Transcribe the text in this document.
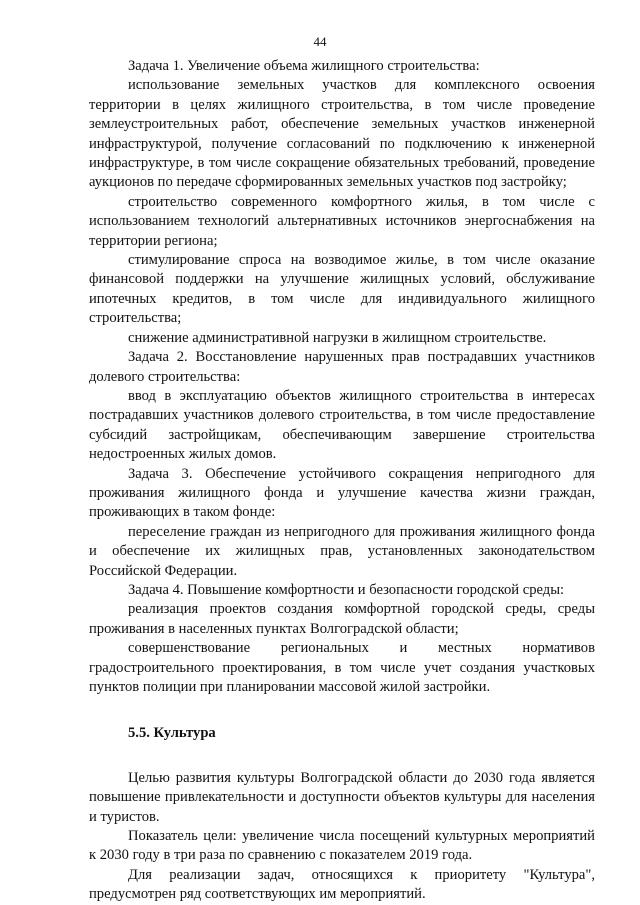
44

Задача 1. Увеличение объема жилищного строительства:

использование земельных участков для комплексного освоения территории в целях жилищного строительства, в том числе проведение землеустроительных работ, обеспечение земельных участков инженерной инфраструктурой, получение согласований по подключению к инженерной инфраструктуре, в том числе сокращение обязательных требований, проведение аукционов по передаче сформированных земельных участков под застройку;

строительство современного комфортного жилья, в том числе с использованием технологий альтернативных источников энергоснабжения на территории региона;

стимулирование спроса на возводимое жилье, в том числе оказание финансовой поддержки на улучшение жилищных условий, обслуживание ипотечных кредитов, в том числе для индивидуального жилищного строительства;

снижение административной нагрузки в жилищном строительстве.

Задача 2. Восстановление нарушенных прав пострадавших участников долевого строительства:

ввод в эксплуатацию объектов жилищного строительства в интересах пострадавших участников долевого строительства, в том числе предоставление субсидий застройщикам, обеспечивающим завершение строительства недостроенных жилых домов.

Задача 3. Обеспечение устойчивого сокращения непригодного для проживания жилищного фонда и улучшение качества жизни граждан, проживающих в таком фонде:

переселение граждан из непригодного для проживания жилищного фонда и обеспечение их жилищных прав, установленных законодательством Российской Федерации.

Задача 4. Повышение комфортности и безопасности городской среды:

реализация проектов создания комфортной городской среды, среды проживания в населенных пунктах Волгоградской области;

совершенствование региональных и местных нормативов градостроительного проектирования, в том числе учет создания участковых пунктов полиции при планировании массовой жилой застройки.

5.5. Культура

Целью развития культуры Волгоградской области до 2030 года является повышение привлекательности и доступности объектов культуры для населения и туристов.

Показатель цели: увеличение числа посещений культурных мероприятий к 2030 году в три раза по сравнению с показателем 2019 года.

Для реализации задач, относящихся к приоритету "Культура", предусмотрен ряд соответствующих им мероприятий.
